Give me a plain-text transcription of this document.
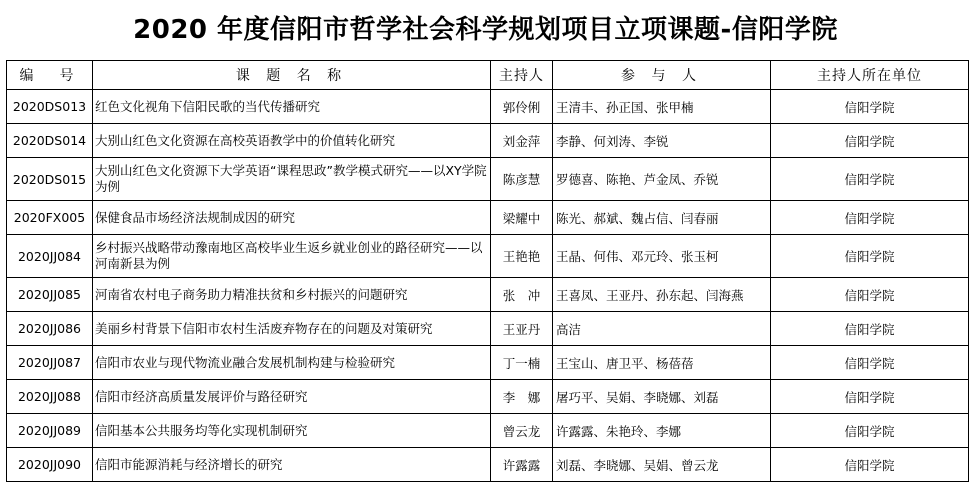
2020 年度信阳市哲学社会科学规划项目立项课题-信阳学院
编　号	课 题 名 称	主持人	参 与 人	主持人所在单位
2020DS013	红色文化视角下信阳民歌的当代传播研究	郭伶俐	王清丰、孙正国、张甲楠	信阳学院
2020DS014	大别山红色文化资源在高校英语教学中的价值转化研究	刘金萍	李静、何刘涛、李锐	信阳学院
2020DS015	大别山红色文化资源下大学英语“课程思政”教学模式研究——以XY学院为例	陈彦慧	罗德喜、陈艳、芦金凤、乔锐	信阳学院
2020FX005	保健食品市场经济法规制成因的研究	梁耀中	陈光、郝斌、魏占信、闫春丽	信阳学院
2020JJ084	乡村振兴战略带动豫南地区高校毕业生返乡就业创业的路径研究——以河南新县为例	王艳艳	王晶、何伟、邓元玲、张玉柯	信阳学院
2020JJ085	河南省农村电子商务助力精准扶贫和乡村振兴的问题研究	张　冲	王喜凤、王亚丹、孙东起、闫海燕	信阳学院
2020JJ086	美丽乡村背景下信阳市农村生活废弃物存在的问题及对策研究	王亚丹	高洁	信阳学院
2020JJ087	信阳市农业与现代物流业融合发展机制构建与检验研究	丁一楠	王宝山、唐卫平、杨蓓蓓	信阳学院
2020JJ088	信阳市经济高质量发展评价与路径研究	李　娜	屠巧平、吴娟、李晓娜、刘磊	信阳学院
2020JJ089	信阳基本公共服务均等化实现机制研究	曾云龙	许露露、朱艳玲、李娜	信阳学院
2020JJ090	信阳市能源消耗与经济增长的研究	许露露	刘磊、李晓娜、吴娟、曾云龙	信阳学院
